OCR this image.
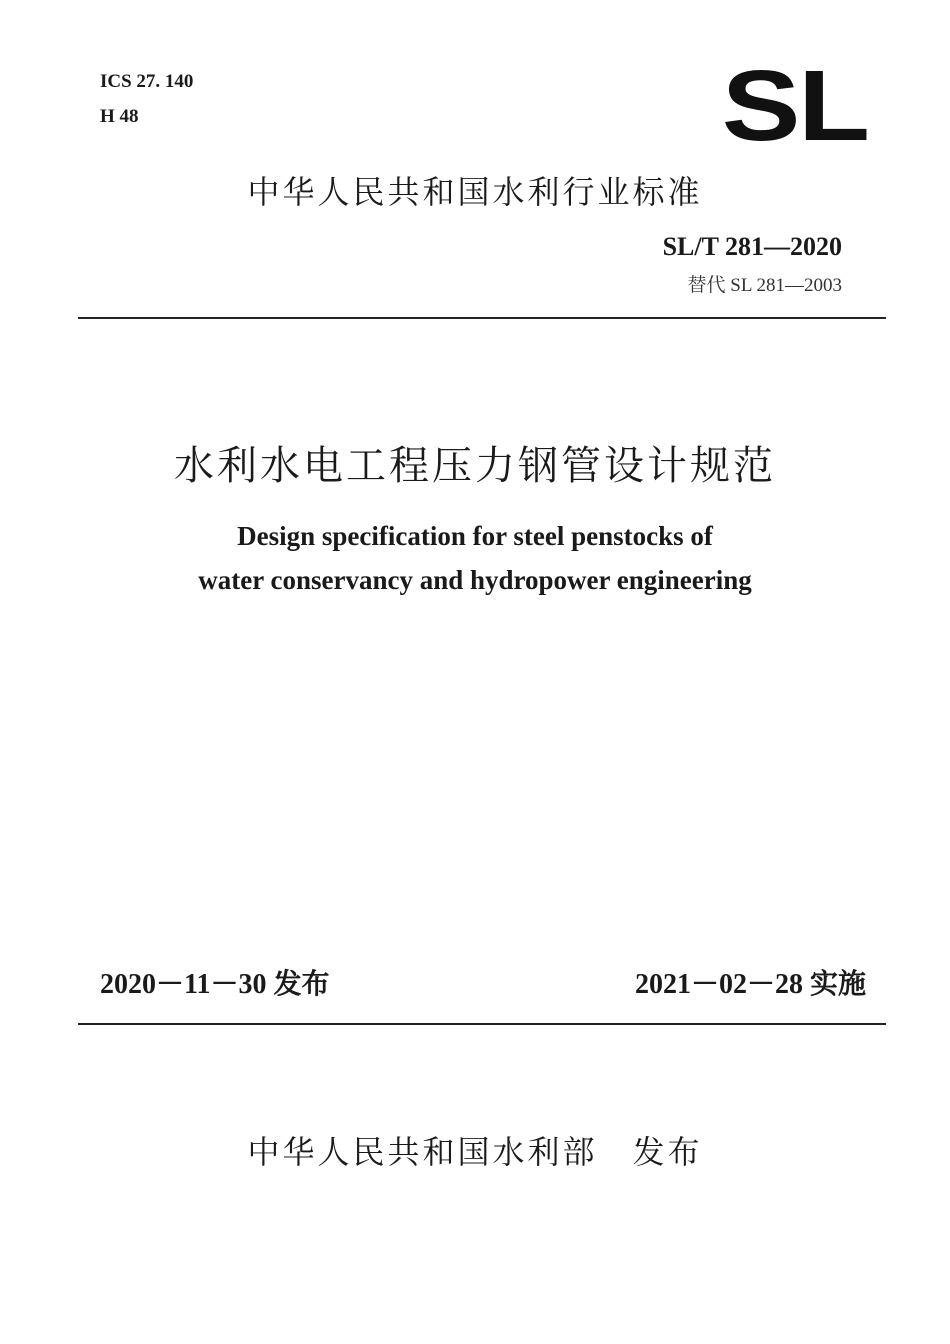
ICS 27. 140
H 48	SL
中华人民共和国水利行业标准
SL/T 281—2020
替代 SL 281—2003
水利水电工程压力钢管设计规范
Design specification for steel penstocks of
water conservancy and hydropower engineering
2020－11－30 发布	2021－02－28 实施
中华人民共和国水利部　发布
